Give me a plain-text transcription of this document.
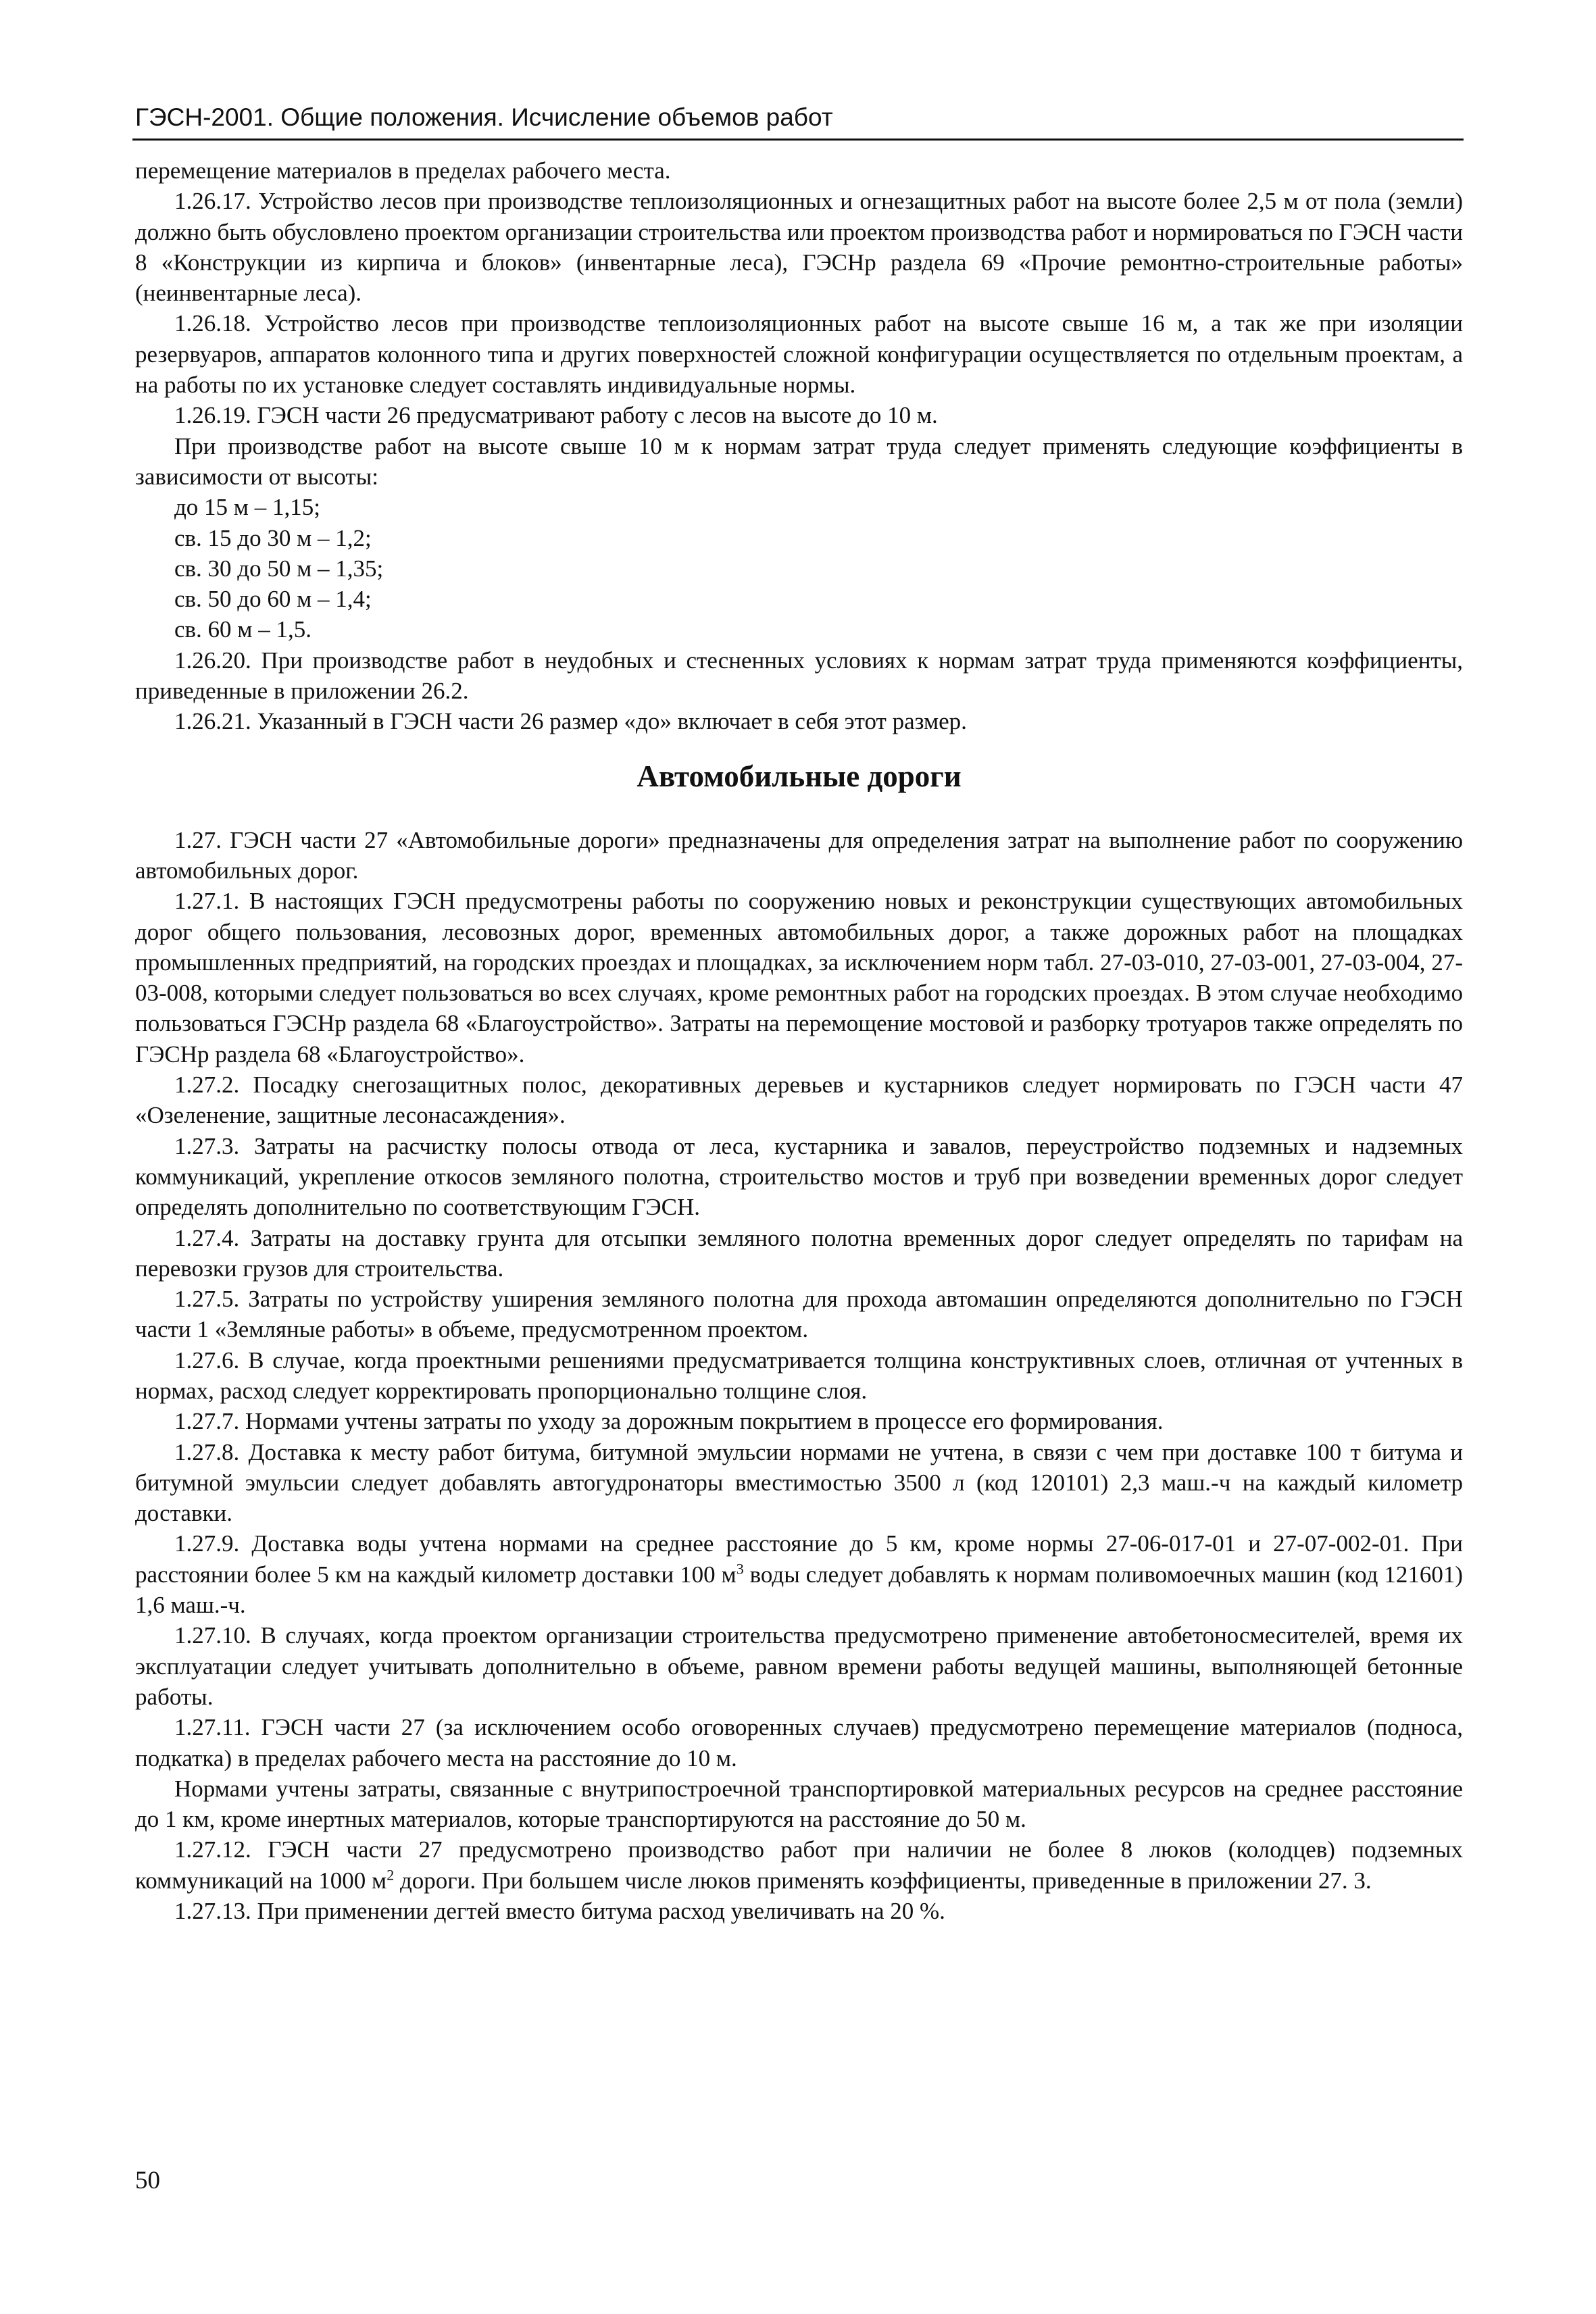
ГЭСН-2001. Общие положения. Исчисление объемов работ

перемещение материалов в пределах рабочего места.

1.26.17. Устройство лесов при производстве теплоизоляционных и огнезащитных работ на высоте более 2,5 м от пола (земли) должно быть обусловлено проектом организации строительства или проектом производства работ и нормироваться по ГЭСН части 8 «Конструкции из кирпича и блоков» (инвентарные леса), ГЭСНр раздела 69 «Прочие ремонтно-строительные работы» (неинвентарные леса).

1.26.18. Устройство лесов при производстве теплоизоляционных работ на высоте свыше 16 м, а так же при изоляции резервуаров, аппаратов колонного типа и других поверхностей сложной конфигурации осуществляется по отдельным проектам, а на работы по их установке следует составлять индивидуальные нормы.

1.26.19. ГЭСН части 26 предусматривают работу с лесов на высоте до 10 м.

При производстве работ на высоте свыше 10 м к нормам затрат труда следует применять следующие коэффициенты в зависимости от высоты:

до 15 м – 1,15;

св. 15 до 30 м – 1,2;

св. 30 до 50 м – 1,35;

св. 50 до 60 м – 1,4;

св. 60 м – 1,5.

1.26.20. При производстве работ в неудобных и стесненных условиях к нормам затрат труда применяются коэффициенты, приведенные в приложении 26.2.

1.26.21. Указанный в ГЭСН части 26 размер «до» включает в себя этот размер.

Автомобильные дороги

1.27. ГЭСН части 27 «Автомобильные дороги» предназначены для определения затрат на выполнение работ по сооружению автомобильных дорог.

1.27.1. В настоящих ГЭСН предусмотрены работы по сооружению новых и реконструкции существующих автомобильных дорог общего пользования, лесовозных дорог, временных автомобильных дорог, а также дорожных работ на площадках промышленных предприятий, на городских проездах и площадках, за исключением норм табл. 27-03-010, 27-03-001, 27-03-004, 27-03-008, которыми следует пользоваться во всех случаях, кроме ремонтных работ на городских проездах. В этом случае необходимо пользоваться ГЭСНр раздела 68 «Благоустройство». Затраты на перемощение мостовой и разборку тротуаров также определять по ГЭСНр раздела 68 «Благоустройство».

1.27.2. Посадку снегозащитных полос, декоративных деревьев и кустарников следует нормировать по ГЭСН части 47 «Озеленение, защитные лесонасаждения».

1.27.3. Затраты на расчистку полосы отвода от леса, кустарника и завалов, переустройство подземных и надземных коммуникаций, укрепление откосов земляного полотна, строительство мостов и труб при возведении временных дорог следует определять дополнительно по соответствующим ГЭСН.

1.27.4. Затраты на доставку грунта для отсыпки земляного полотна временных дорог следует определять по тарифам на перевозки грузов для строительства.

1.27.5. Затраты по устройству уширения земляного полотна для прохода автомашин определяются дополнительно по ГЭСН части 1 «Земляные работы» в объеме, предусмотренном проектом.

1.27.6. В случае, когда проектными решениями предусматривается толщина конструктивных слоев, отличная от учтенных в нормах, расход следует корректировать пропорционально толщине слоя.

1.27.7. Нормами учтены затраты по уходу за дорожным покрытием в процессе его формирования.

1.27.8. Доставка к месту работ битума, битумной эмульсии нормами не учтена, в связи с чем при доставке 100 т битума и битумной эмульсии следует добавлять автогудронаторы вместимостью 3500 л (код 120101) 2,3 маш.-ч на каждый километр доставки.

1.27.9. Доставка воды учтена нормами на среднее расстояние до 5 км, кроме нормы 27-06-017-01 и 27-07-002-01. При расстоянии более 5 км на каждый километр доставки 100 $м^3$ воды следует добавлять к нормам поливомоечных машин (код 121601) 1,6 маш.-ч.

1.27.10. В случаях, когда проектом организации строительства предусмотрено применение автобетоносмесителей, время их эксплуатации следует учитывать дополнительно в объеме, равном времени работы ведущей машины, выполняющей бетонные работы.

1.27.11. ГЭСН части 27 (за исключением особо оговоренных случаев) предусмотрено перемещение материалов (подноса, подкатка) в пределах рабочего места на расстояние до 10 м.

Нормами учтены затраты, связанные с внутрипостроечной транспортировкой материальных ресурсов на среднее расстояние до 1 км, кроме инертных материалов, которые транспортируются на расстояние до 50 м.

1.27.12. ГЭСН части 27 предусмотрено производство работ при наличии не более 8 люков (колодцев) подземных коммуникаций на 1000 $м^2$ дороги. При большем числе люков применять коэффициенты, приведенные в приложении 27. 3.

1.27.13. При применении дегтей вместо битума расход увеличивать на 20 %.

50
